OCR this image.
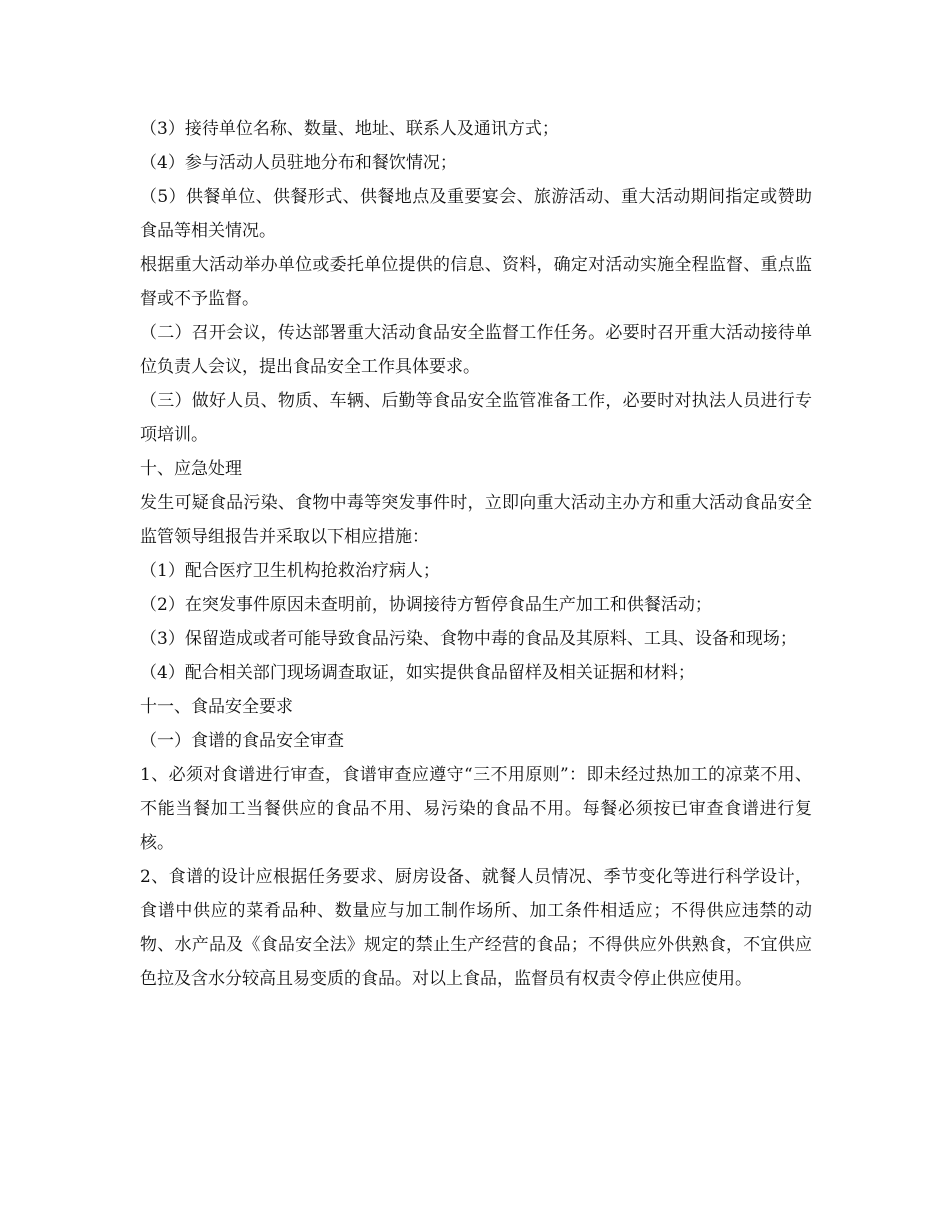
（3）接待单位名称、数量、地址、联系人及通讯方式；

（4）参与活动人员驻地分布和餐饮情况；

（5）供餐单位、供餐形式、供餐地点及重要宴会、旅游活动、重大活动期间指定或赞助食品等相关情况。

根据重大活动举办单位或委托单位提供的信息、资料，确定对活动实施全程监督、重点监督或不予监督。

（二）召开会议，传达部署重大活动食品安全监督工作任务。必要时召开重大活动接待单位负责人会议，提出食品安全工作具体要求。

（三）做好人员、物质、车辆、后勤等食品安全监管准备工作，必要时对执法人员进行专项培训。

十、应急处理

发生可疑食品污染、食物中毒等突发事件时，立即向重大活动主办方和重大活动食品安全监管领导组报告并采取以下相应措施：

（1）配合医疗卫生机构抢救治疗病人；

（2）在突发事件原因未查明前，协调接待方暂停食品生产加工和供餐活动；

（3）保留造成或者可能导致食品污染、食物中毒的食品及其原料、工具、设备和现场；

（4）配合相关部门现场调查取证，如实提供食品留样及相关证据和材料；

十一、食品安全要求

（一）食谱的食品安全审查

1、必须对食谱进行审查，食谱审查应遵守“三不用原则”：即未经过热加工的凉菜不用、不能当餐加工当餐供应的食品不用、易污染的食品不用。每餐必须按已审查食谱进行复核。

2、食谱的设计应根据任务要求、厨房设备、就餐人员情况、季节变化等进行科学设计，食谱中供应的菜肴品种、数量应与加工制作场所、加工条件相适应；不得供应违禁的动物、水产品及《食品安全法》规定的禁止生产经营的食品；不得供应外供熟食，不宜供应色拉及含水分较高且易变质的食品。对以上食品，监督员有权责令停止供应使用。
